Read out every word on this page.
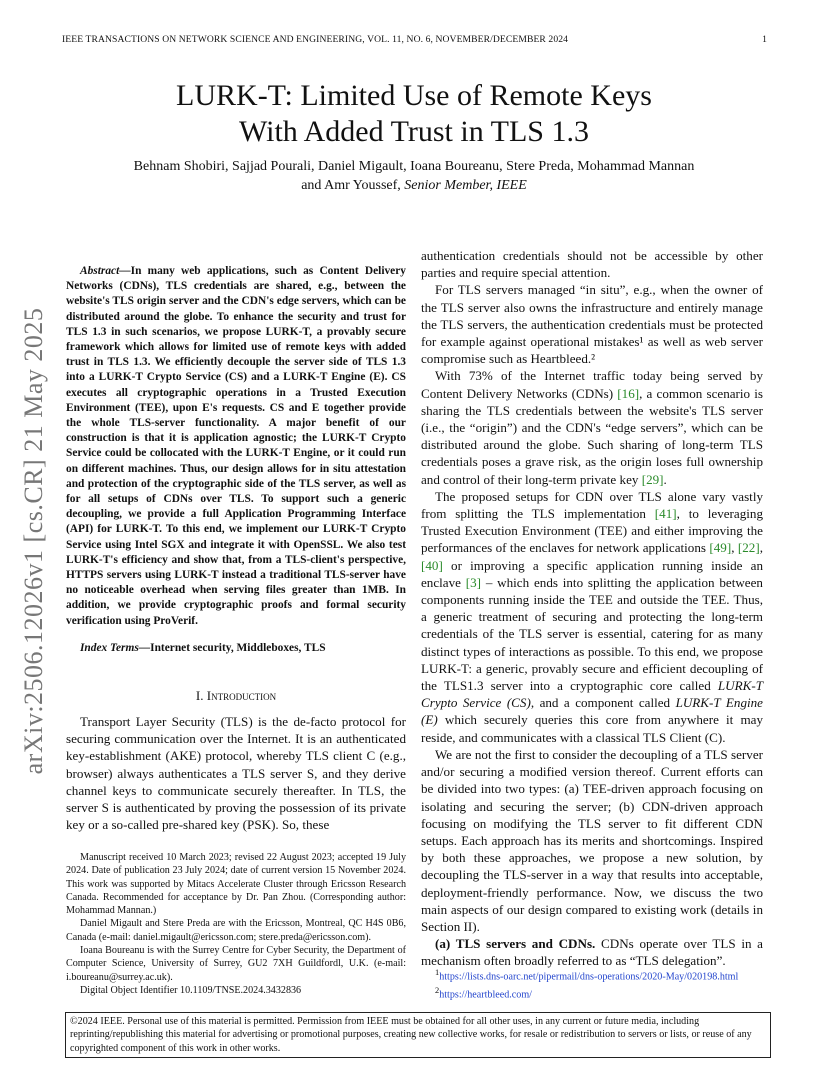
IEEE TRANSACTIONS ON NETWORK SCIENCE AND ENGINEERING, VOL. 11, NO. 6, NOVEMBER/DECEMBER 2024	1
LURK-T: Limited Use of Remote Keys
With Added Trust in TLS 1.3
Behnam Shobiri, Sajjad Pourali, Daniel Migault, Ioana Boureanu, Stere Preda, Mohammad Mannan
and Amr Youssef, Senior Member, IEEE
arXiv:2506.12026v1 [cs.CR] 21 May 2025

Abstract—In many web applications, such as Content Delivery Networks (CDNs), TLS credentials are shared, e.g., between the website's TLS origin server and the CDN's edge servers, which can be distributed around the globe. To enhance the security and trust for TLS 1.3 in such scenarios, we propose LURK-T, a provably secure framework which allows for limited use of remote keys with added trust in TLS 1.3. We efficiently decouple the server side of TLS 1.3 into a LURK-T Crypto Service (CS) and a LURK-T Engine (E). CS executes all cryptographic operations in a Trusted Execution Environment (TEE), upon E's requests. CS and E together provide the whole TLS-server functionality. A major benefit of our construction is that it is application agnostic; the LURK-T Crypto Service could be collocated with the LURK-T Engine, or it could run on different machines. Thus, our design allows for in situ attestation and protection of the cryptographic side of the TLS server, as well as for all setups of CDNs over TLS. To support such a generic decoupling, we provide a full Application Programming Interface (API) for LURK-T. To this end, we implement our LURK-T Crypto Service using Intel SGX and integrate it with OpenSSL. We also test LURK-T's efficiency and show that, from a TLS-client's perspective, HTTPS servers using LURK-T instead a traditional TLS-server have no noticeable overhead when serving files greater than 1MB. In addition, we provide cryptographic proofs and formal security verification using ProVerif.

Index Terms—Internet security, Middleboxes, TLS

I. Introduction

Transport Layer Security (TLS) is the de-facto protocol for securing communication over the Internet. It is an authenticated key-establishment (AKE) protocol, whereby TLS client C (e.g., browser) always authenticates a TLS server S, and they derive channel keys to communicate securely thereafter. In TLS, the server S is authenticated by proving the possession of its private key or a so-called pre-shared key (PSK). So, these

Manuscript received 10 March 2023; revised 22 August 2023; accepted 19 July 2024. Date of publication 23 July 2024; date of current version 15 November 2024. This work was supported by Mitacs Accelerate Cluster through Ericsson Research Canada. Recommended for acceptance by Dr. Pan Zhou. (Corresponding author: Mohammad Mannan.)

Daniel Migault and Stere Preda are with the Ericsson, Montreal, QC H4S 0B6, Canada (e-mail: daniel.migault@ericsson.com; stere.preda@ericsson.com).

Ioana Boureanu is with the Surrey Centre for Cyber Security, the Department of Computer Science, University of Surrey, GU2 7XH Guildfordl, U.K. (e-mail: i.boureanu@surrey.ac.uk).

Digital Object Identifier 10.1109/TNSE.2024.3432836

authentication credentials should not be accessible by other parties and require special attention.

For TLS servers managed “in situ”, e.g., when the owner of the TLS server also owns the infrastructure and entirely manage the TLS servers, the authentication credentials must be protected for example against operational mistakes¹ as well as web server compromise such as Heartbleed.²

With 73% of the Internet traffic today being served by Content Delivery Networks (CDNs) [16], a common scenario is sharing the TLS credentials between the website's TLS server (i.e., the “origin”) and the CDN's “edge servers”, which can be distributed around the globe. Such sharing of long-term TLS credentials poses a grave risk, as the origin loses full ownership and control of their long-term private key [29].

The proposed setups for CDN over TLS alone vary vastly from splitting the TLS implementation [41], to leveraging Trusted Execution Environment (TEE) and either improving the performances of the enclaves for network applications [49], [22], [40] or improving a specific application running inside an enclave [3] – which ends into splitting the application between components running inside the TEE and outside the TEE. Thus, a generic treatment of securing and protecting the long-term credentials of the TLS server is essential, catering for as many distinct types of interactions as possible. To this end, we propose LURK-T: a generic, provably secure and efficient decoupling of the TLS1.3 server into a cryptographic core called LURK-T Crypto Service (CS), and a component called LURK-T Engine (E) which securely queries this core from anywhere it may reside, and communicates with a classical TLS Client (C).

We are not the first to consider the decoupling of a TLS server and/or securing a modified version thereof. Current efforts can be divided into two types: (a) TEE-driven approach focusing on isolating and securing the server; (b) CDN-driven approach focusing on modifying the TLS server to fit different CDN setups. Each approach has its merits and shortcomings. Inspired by both these approaches, we propose a new solution, by decoupling the TLS-server in a way that results into acceptable, deployment-friendly performance. Now, we discuss the two main aspects of our design compared to existing work (details in Section II).

(a) TLS servers and CDNs. CDNs operate over TLS in a mechanism often broadly referred to as “TLS delegation”.

$^1$https://lists.dns-oarc.net/pipermail/dns-operations/2020-May/020198.html

$^2$https://heartbleed.com/

©2024 IEEE. Personal use of this material is permitted. Permission from IEEE must be obtained for all other uses, in any current or future media, including reprinting/republishing this material for advertising or promotional purposes, creating new collective works, for resale or redistribution to servers or lists, or reuse of any copyrighted component of this work in other works.
